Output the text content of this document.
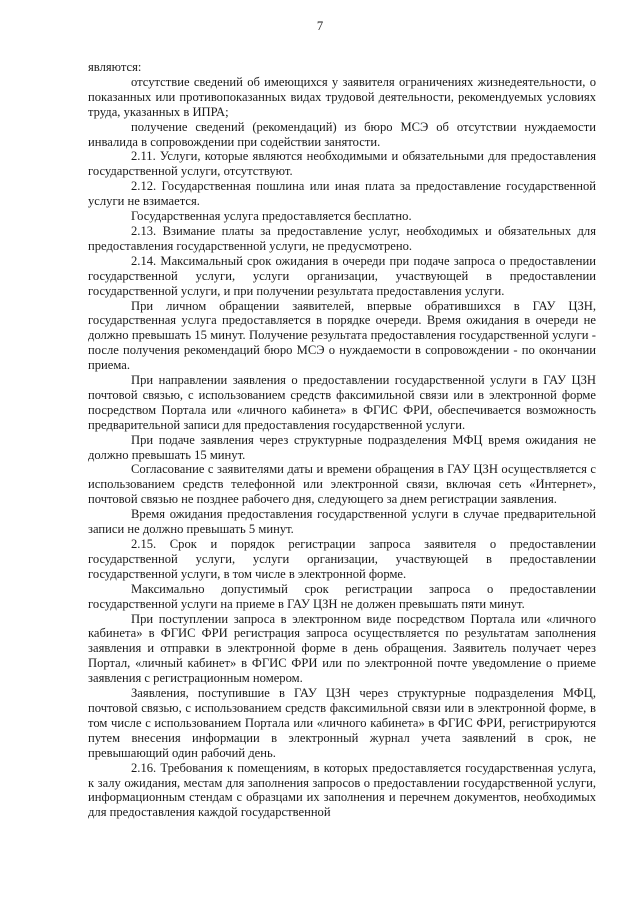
7

являются:

отсутствие сведений об имеющихся у заявителя ограничениях жизнедеятельности, о показанных или противопоказанных видах трудовой деятельности, рекомендуемых условиях труда, указанных в ИПРА;

получение сведений (рекомендаций) из бюро МСЭ об отсутствии нуждаемости инвалида в сопровождении при содействии занятости.

2.11. Услуги, которые являются необходимыми и обязательными для предоставления государственной услуги, отсутствуют.

2.12. Государственная пошлина или иная плата за предоставление государственной услуги не взимается.

Государственная услуга предоставляется бесплатно.

2.13. Взимание платы за предоставление услуг, необходимых и обязательных для предоставления государственной услуги, не предусмотрено.

2.14. Максимальный срок ожидания в очереди при подаче запроса о предоставлении государственной услуги, услуги организации, участвующей в предоставлении государственной услуги, и при получении результата предоставления услуги.

При личном обращении заявителей, впервые обратившихся в ГАУ ЦЗН, государственная услуга предоставляется в порядке очереди. Время ожидания в очереди не должно превышать 15 минут. Получение результата предоставления государственной услуги - после получения рекомендаций бюро МСЭ о нуждаемости в сопровождении - по окончании приема.

При направлении заявления о предоставлении государственной услуги в ГАУ ЦЗН почтовой связью, с использованием средств факсимильной связи или в электронной форме посредством Портала или «личного кабинета» в ФГИС ФРИ, обеспечивается возможность предварительной записи для предоставления государственной услуги.

При подаче заявления через структурные подразделения МФЦ время ожидания не должно превышать 15 минут.

Согласование с заявителями даты и времени обращения в ГАУ ЦЗН осуществляется с использованием средств телефонной или электронной связи, включая сеть «Интернет», почтовой связью не позднее рабочего дня, следующего за днем регистрации заявления.

Время ожидания предоставления государственной услуги в случае предварительной записи не должно превышать 5 минут.

2.15. Срок и порядок регистрации запроса заявителя о предоставлении государственной услуги, услуги организации, участвующей в предоставлении государственной услуги, в том числе в электронной форме.

Максимально допустимый срок регистрации запроса о предоставлении государственной услуги на приеме в ГАУ ЦЗН не должен превышать пяти минут.

При поступлении запроса в электронном виде посредством Портала или «личного кабинета» в ФГИС ФРИ регистрация запроса осуществляется по результатам заполнения заявления и отправки в электронной форме в день обращения. Заявитель получает через Портал, «личный кабинет» в ФГИС ФРИ или по электронной почте уведомление о приеме заявления с регистрационным номером.

Заявления, поступившие в ГАУ ЦЗН через структурные подразделения МФЦ, почтовой связью, с использованием средств факсимильной связи или в электронной форме, в том числе с использованием Портала или «личного кабинета» в ФГИС ФРИ, регистрируются путем внесения информации в электронный журнал учета заявлений в срок, не превышающий один рабочий день.

2.16. Требования к помещениям, в которых предоставляется государственная услуга, к залу ожидания, местам для заполнения запросов о предоставлении государственной услуги, информационным стендам с образцами их заполнения и перечнем документов, необходимых для предоставления каждой государственной
